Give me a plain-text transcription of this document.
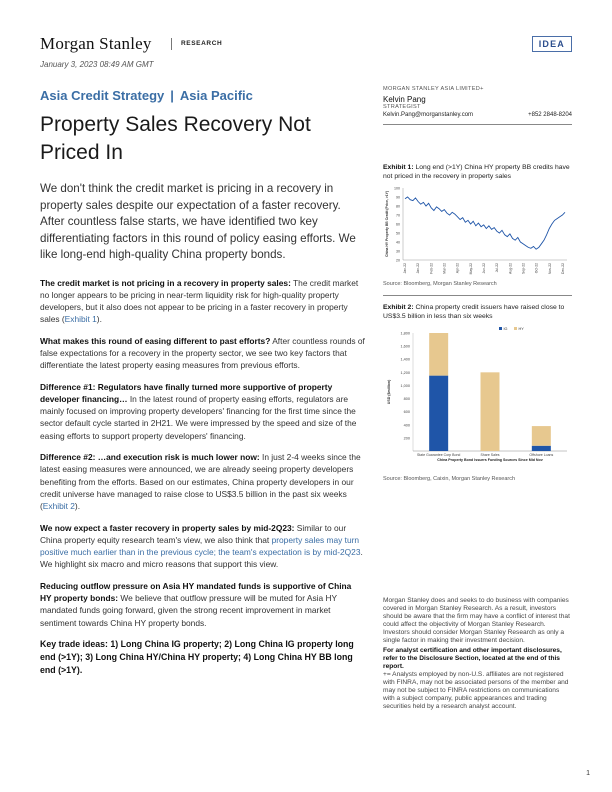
Morgan Stanley	RESEARCH	IDEA
January 3, 2023 08:49 AM GMT
Asia Credit Strategy | Asia Pacific
Property Sales Recovery Not
Priced In

We don't think the credit market is pricing in a recovery in property sales despite our expectation of a faster recovery. After countless false starts, we have identified two key differentiating factors in this round of policy easing efforts. We like long-end high-quality China property bonds.

The credit market is not pricing in a recovery in property sales: The credit market no longer appears to be pricing in near-term liquidity risk for high-quality property developers, but it also does not appear to be pricing in a faster recovery in property sales (Exhibit 1).

What makes this round of easing different to past efforts? After countless rounds of false expectations for a recovery in the property sector, we see two key factors that differentiate the latest property easing measures from previous efforts.

Difference #1: Regulators have finally turned more supportive of property developer financing… In the latest round of property easing efforts, regulators are mainly focused on improving property developers' financing for the first time since the sector default cycle started in 2H21. We were impressed by the speed and size of the easing efforts to support property developers' financing.

Difference #2: …and execution risk is much lower now: In just 2-4 weeks since the latest easing measures were announced, we are already seeing property developers benefiting from the efforts. Based on our estimates, China property developers in our credit universe have managed to raise close to US$3.5 billion in the past six weeks (Exhibit 2).

We now expect a faster recovery in property sales by mid-2Q23: Similar to our China property equity research team's view, we also think that property sales may turn positive much earlier than in the previous cycle; the team's expectation is by mid-2Q23. We highlight six macro and micro reasons that support this view.

Reducing outflow pressure on Asia HY mandated funds is supportive of China HY property bonds: We believe that outflow pressure will be muted for Asia HY mandated funds going forward, given the strong recent improvement in market sentiment towards China HY property bonds.

Key trade ideas: 1) Long China IG property; 2) Long China IG property long end (>1Y); 3) Long China HY/China HY property; 4) Long China HY BB long end (>1Y).

MORGAN STANLEY ASIA LIMITED+
Kelvin Pang
STRATEGIST
Kelvin.Pang@morganstanley.com	+852 2848-8204
Exhibit 1: Long end (>1Y) China HY property BB credits have not priced in the recovery in property sales
100
90
80
70
60
50
40
30
20
Jan-22	Jan-22	Feb-22	Mar-22	Apr-22	May-22	Jun-22	Jul-22	Aug-22	Sep-22	Oct-22	Nov-22	Dec-22
China HY Property BB Credit (Price, >1Y)
Source: Bloomberg, Morgan Stanley Research
Exhibit 2: China property credit issuers have raised close to US$3.5 billion in less than six weeks
1,800
1,600
1,400
1,200
1,000
800
600
400
200
USD ($million)
IG	HY
State Guarantee Corp Bond	Share Sales	Offshore Loans
China Property Bond Issuers Funding Sources Since Mid Nov
Source: Bloomberg, Caixin, Morgan Stanley Research

Morgan Stanley does and seeks to do business with companies covered in Morgan Stanley Research. As a result, investors should be aware that the firm may have a conflict of interest that could affect the objectivity of Morgan Stanley Research. Investors should consider Morgan Stanley Research as only a single factor in making their investment decision.

For analyst certification and other important disclosures, refer to the Disclosure Section, located at the end of this report.

+= Analysts employed by non-U.S. affiliates are not registered with FINRA, may not be associated persons of the member and may not be subject to FINRA restrictions on communications with a subject company, public appearances and trading securities held by a research analyst account.

1
